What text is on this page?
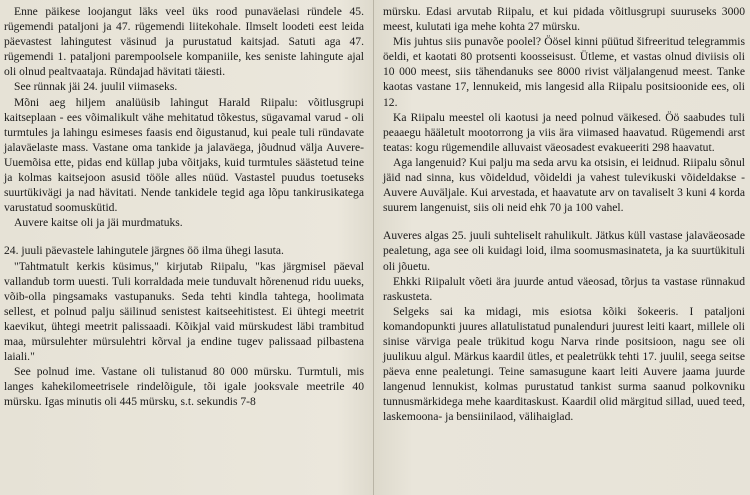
Enne päikese loojangut läks veel üks rood punaväelasi ründele 45. rügemendi pataljoni ja 47. rügemendi liitekohale. Ilmselt loodeti eest leida päevastest lahingutest väsinud ja purustatud kaitsjad. Satuti aga 47. rügemendi 1. pataljoni parempoolsele kompaniile, kes seniste lahingute ajal oli olnud pealtvaataja. Ründajad hävitati täiesti.

See rünnak jäi 24. juulil viimaseks.

Mõni aeg hiljem analüüsib lahingut Harald Riipalu: võitlusgrupi kaitseplaan - ees võimalikult vähe mehitatud tõkestus, sügavamal varud - oli turmtules ja lahingu esimeses faasis end õigustanud, kui peale tuli ründavate jalaväelaste mass. Vastane oma tankide ja jalaväega, jõudnud välja Auvere-Uuemõisa ette, pidas end küllap juba võitjaks, kuid turmtules säästetud teine ja kolmas kaitsejoon asusid tööle alles nüüd. Vastastel puudus toetuseks suurtükivägi ja nad hävitati. Nende tankidele tegid aga lõpu tankirusikatega varustatud soomuskütid.

Auvere kaitse oli ja jäi murdmatuks.

24. juuli päevastele lahingutele järgnes öö ilma ühegi lasuta.

"Tahtmatult kerkis küsimus," kirjutab Riipalu, "kas järgmisel päeval vallandub torm uuesti. Tuli korraldada meie tunduvalt hõrenenud ridu uueks, võib-olla pingsamaks vastupanuks. Seda tehti kindla tahtega, hoolimata sellest, et polnud palju säilinud senistest kaitseehitistest. Ei ühtegi meetrit kaevikut, ühtegi meetrit palissaadi. Kõikjal vaid mürskudest läbi trambitud maa, mürsulehter mürsulehtri kõrval ja endine tugev palissaad pilbastena laiali."

See polnud ime. Vastane oli tulistanud 80 000 mürsku. Turmtuli, mis langes kahekilomeetrisele rindelõigule, tõi igale jooksvale meetrile 40 mürsku. Igas minutis oli 445 mürsku, s.t. sekundis 7-8

mürsku. Edasi arvutab Riipalu, et kui pidada võitlusgrupi suuruseks 3000 meest, kulutati iga mehe kohta 27 mürsku.

Mis juhtus siis punavõe poolel? Öösel kinni püütud šifreeritud telegrammis öeldi, et kaotati 80 protsenti koosseisust. Ütleme, et vastas olnud diviisis oli 10 000 meest, siis tähendanuks see 8000 rivist väljalangenud meest. Tanke kaotas vastane 17, lennukeid, mis langesid alla Riipalu positsioonide ees, oli 12.

Ka Riipalu meestel oli kaotusi ja need polnud väikesed. Öö saabudes tuli peaaegu hääletult mootorrong ja viis ära viimased haavatud. Rügemendi arst teatas: kogu rügemendile alluvaist väeosadest evakueeriti 298 haavatut.

Aga langenuid? Kui palju ma seda arvu ka otsisin, ei leidnud. Riipalu sõnul jäid nad sinna, kus võideldud, võideldi ja vahest tulevikuski võideldakse - Auvere Auväljale. Kui arvestada, et haavatute arv on tavaliselt 3 kuni 4 korda suurem langenuist, siis oli neid ehk 70 ja 100 vahel.

Auveres algas 25. juuli suhteliselt rahulikult. Jätkus küll vastase jalaväeosade pealetung, aga see oli kuidagi loid, ilma soomusmasinateta, ja ka suurtükituli oli jõuetu.

Ehkki Riipalult võeti ära juurde antud väeosad, tõrjus ta vastase rünnakud raskusteta.

Selgeks sai ka midagi, mis esiotsa kõiki šokeeris. I pataljoni komandopunkti juures allatulistatud punalenduri juurest leiti kaart, millele oli sinise värviga peale trükitud kogu Narva rinde positsioon, nagu see oli juulikuu algul. Märkus kaardil ütles, et pealetrükk tehti 17. juulil, seega seitse päeva enne pealetungi. Teine samasugune kaart leiti Auvere jaama juurde langenud lennukist, kolmas purustatud tankist surma saanud polkovniku tunnusmärkidega mehe kaarditaskust. Kaardil olid märgitud sillad, uued teed, laskemoona- ja bensiinilaod, välihaiglad.
